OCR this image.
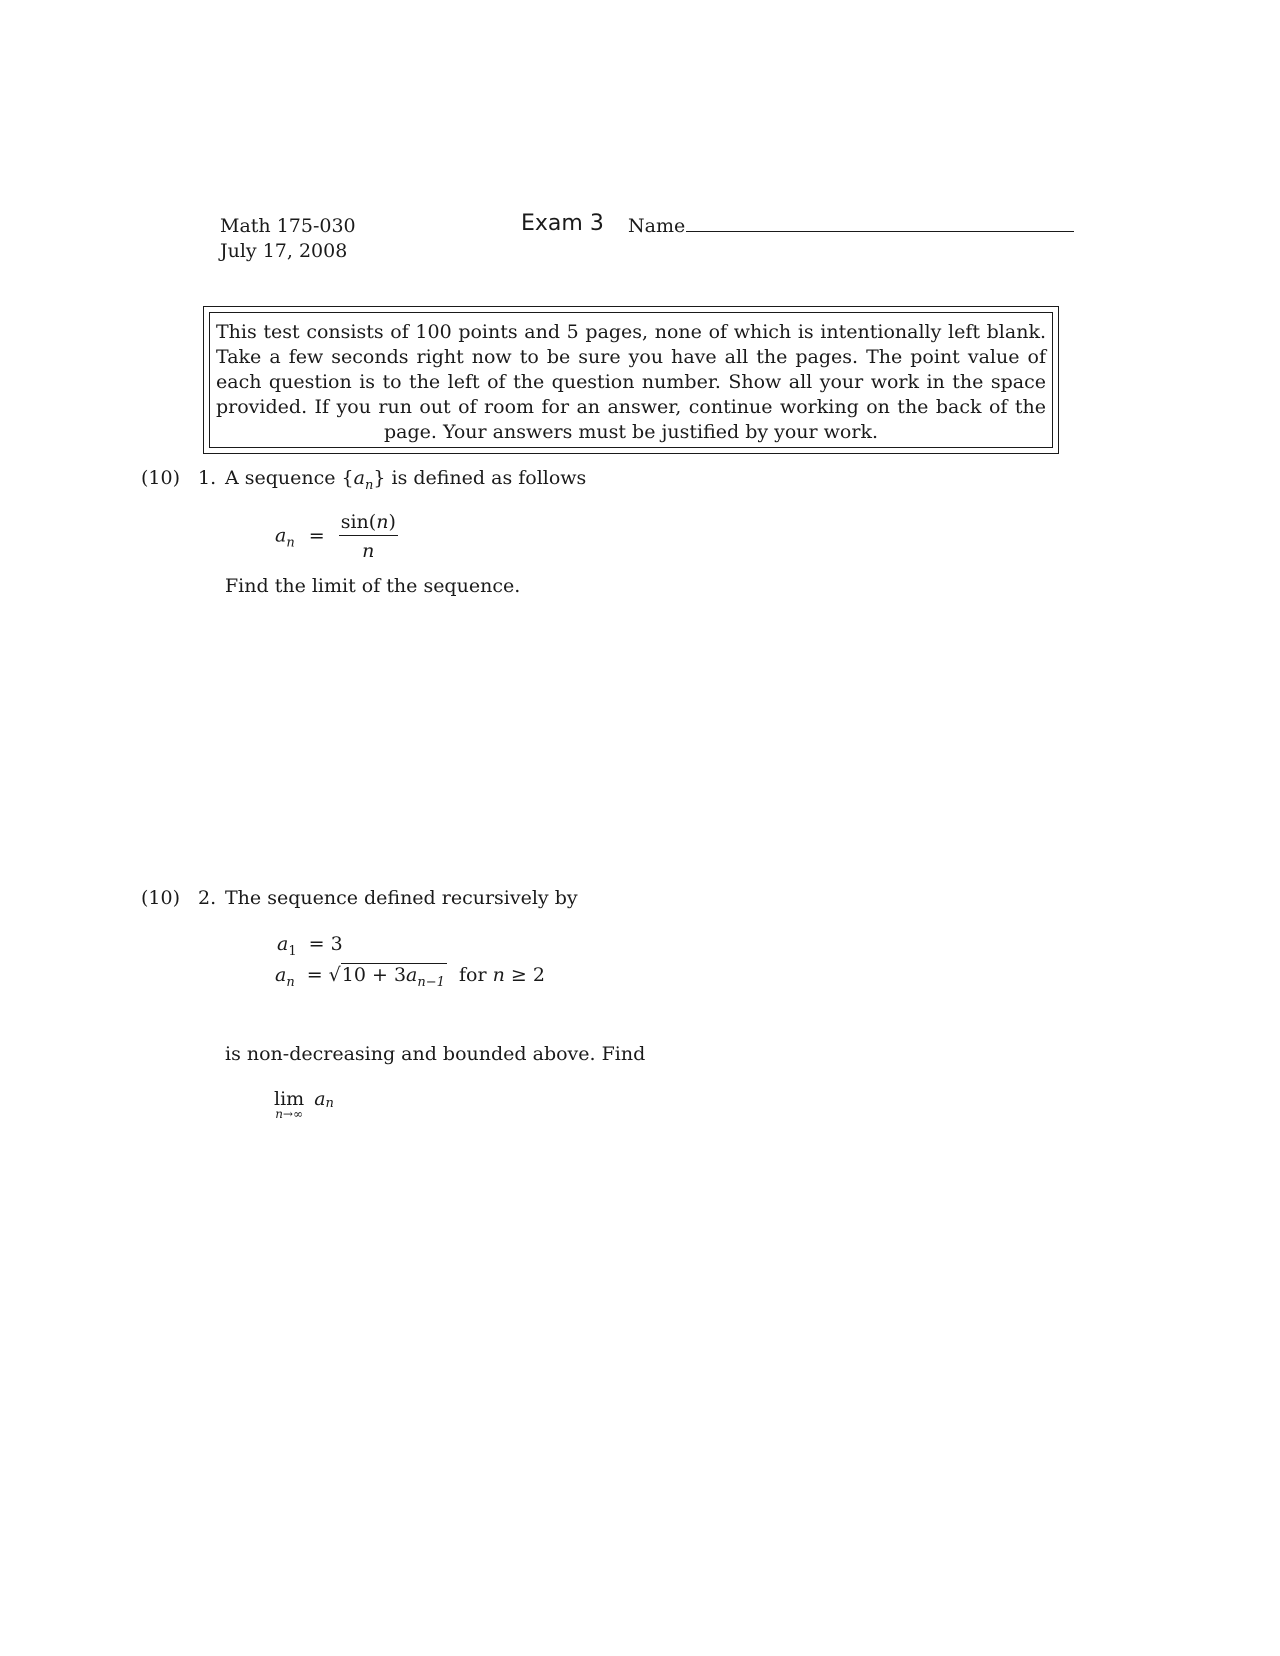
Math 175-030
July 17, 2008
Exam 3 Name

This test consists of 100 points and 5 pages, none of which is intentionally left blank. Take a few seconds right now to be sure you have all the pages. The point value of each question is to the left of the question number. Show all your work in the space provided. If you run out of room for an answer, continue working on the back of the page. Your answers must be justified by your work.

(10) 1. A sequence $\{a_n\}$ is defined as follows
$a_n = \frac{\sin(n)}{n}$
Find the limit of the sequence.
(10) 2. The sequence defined recursively by
$a_1 = 3$
$a_n = √10 + 3a_{n-1}$ for n ≥ 2
is non-decreasing and bounded above. Find
lim
n→∞
$a_n$
